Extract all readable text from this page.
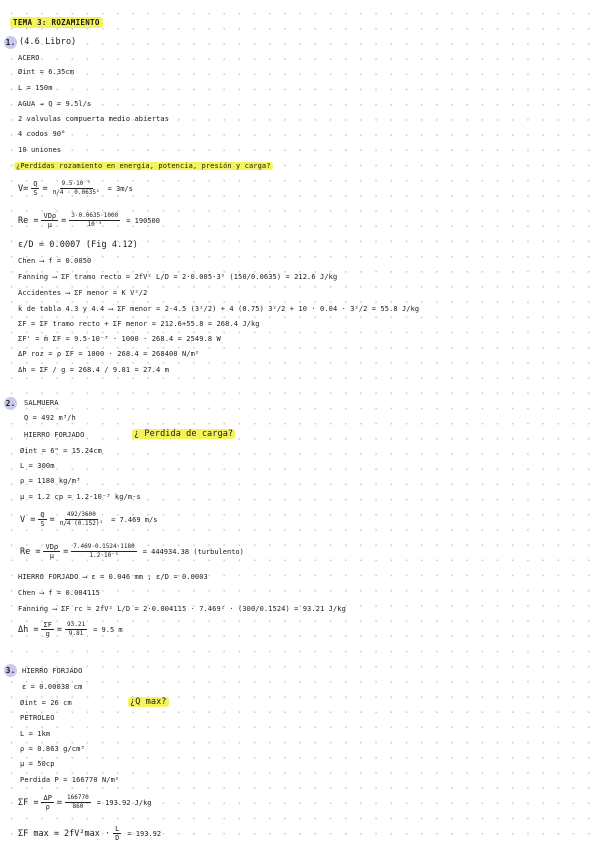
TEMA 3: ROZAMIENTO
1. (4.6 Libro)
ACERO
Øint = 6.35cm
L = 150m
AGUA → Q = 9.5l/s
2 valvulas compuerta medio abiertas
4 codos 90°
10 uniones
¿Perdidas rozamiento en energia, potencia, presión y carga?
$V= \frac{Q}{S} = \frac{\text{9.5·10⁻³}}{\text{π/4 · 0.0635²}} = 3m/s$
Re = VDρ
$\mu = \frac{3\cdot 0.0635\cdot 1000}{\text{10⁻³}} = 190500$
ε/D = 0.0007 (Fig 4.12)
Chen ⟶ f = 0.0050
Fanning ⟶ ΣF tramo recto = 2fV² L/D = 2·0.005·3² (150/0.0635) = 212.6 J/kg
Accidentes ⟶ ΣF menor = K V²/2
k de tabla 4.3 y 4.4 ⟶ ΣF menor = 2·4.5 (3²/2) + 4 (0.75) 3²/2 + 10 · 0.04 · 3²/2 = 55.8 J/kg
ΣF = ΣF tramo recto + ΣF menor = 212.6+55.8 = 268.4 J/kg
ΣF' = ṁ ΣF = 9.5·10⁻³ · 1000 · 268.4 = 2549.8 W
ΔP roz = ρ ΣF = 1000 · 268.4 = 268400 N/m²
Δh = ΣF / g = 268.4 / 9.81 = 27.4 m
2. SALMUERA
Q = 492 m³/h
HIERRO FORJADO	¿ Perdida de carga?
Øint = 6" = 15.24cm
L = 300m
ρ = 1180 kg/m³
μ = 1.2 cp = 1.2·10⁻³ kg/m·s
$V = \frac{Q}{S} = \frac{492/3600}{\text{π/4 (0.152)²}} = 7.469$ m/s
Re = VDρ
$\mu = \frac{7.469\cdot 0.1524\cdot 1180}{\text{1.2·10⁻³}} = 444934.38$ (turbulento)
HIERRO FORJADO ⟶ ε = 0.046 mm ; ε/D = 0.0003
Chen ⟶ f = 0.004115
Fanning ⟶ ΣF rc = 2fV² L/D = 2·0.004115 · 7.469² · (300/0.1524) = 93.21 J/kg
$\Delta h = \frac{\Sigma F}{g} = \frac{93.21}{9.81} = 9.5$ m
3. HIERRO FORJADO
ε = 0.00038 cm
Øint = 26 cm	¿Q max?
PETROLEO
L = 1km
ρ = 0.863 g/cm³
μ = 50cp
Perdida P = 166770 N/m²
$\Sigma F = \frac{\Delta P}{\rho} = \frac{166770}{860} = 193.92$ J/kg
ΣF $\max = 2fV^2\max \cdot \frac{L}{D} = 193.92$
